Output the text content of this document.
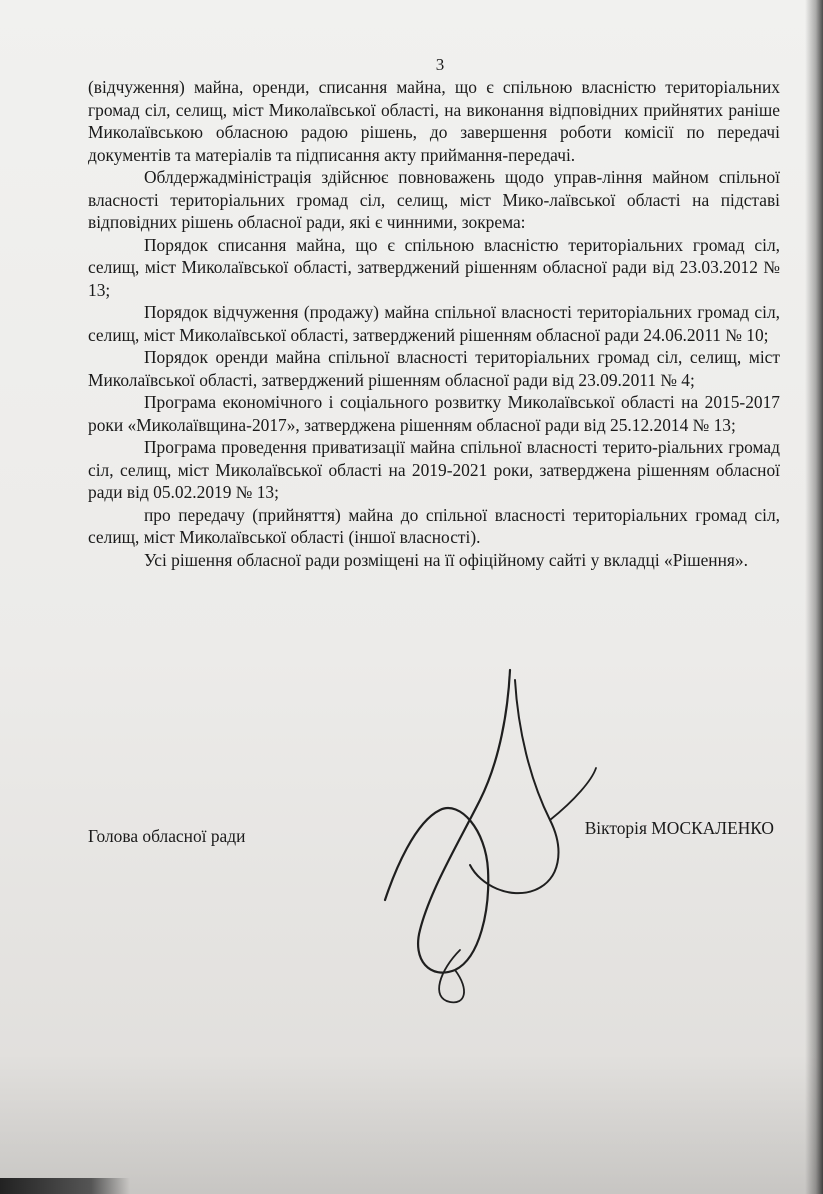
3

(відчуження) майна, оренди, списання майна, що є спільною власністю територіальних громад сіл, селищ, міст Миколаївської області, на виконання відповідних прийнятих раніше Миколаївською обласною радою рішень, до завершення роботи комісії по передачі документів та матеріалів та підписання акту приймання-передачі.

Облдержадміністрація здійснює повноважень щодо управ-ління майном спільної власності територіальних громад сіл, селищ, міст Мико-лаївської області на підставі відповідних рішень обласної ради, які є чинними, зокрема:

Порядок списання майна, що є спільною власністю територіальних громад сіл, селищ, міст Миколаївської області, затверджений рішенням обласної ради від 23.03.2012 № 13;

Порядок відчуження (продажу) майна спільної власності територіальних громад сіл, селищ, міст Миколаївської області, затверджений рішенням обласної ради 24.06.2011 № 10;

Порядок оренди майна спільної власності територіальних громад сіл, селищ, міст Миколаївської області, затверджений рішенням обласної ради від 23.09.2011 № 4;

Програма економічного і соціального розвитку Миколаївської області на 2015-2017 роки «Миколаївщина-2017», затверджена рішенням обласної ради від 25.12.2014 № 13;

Програма проведення приватизації майна спільної власності терито-ріальних громад сіл, селищ, міст Миколаївської області на 2019-2021 роки, затверджена рішенням обласної ради від 05.02.2019 № 13;

про передачу (прийняття) майна до спільної власності територіальних громад сіл, селищ, міст Миколаївської області (іншої власності).

Усі рішення обласної ради розміщені на її офіційному сайті у вкладці «Рішення».

Голова обласної ради	Вікторія МОСКАЛЕНКО
